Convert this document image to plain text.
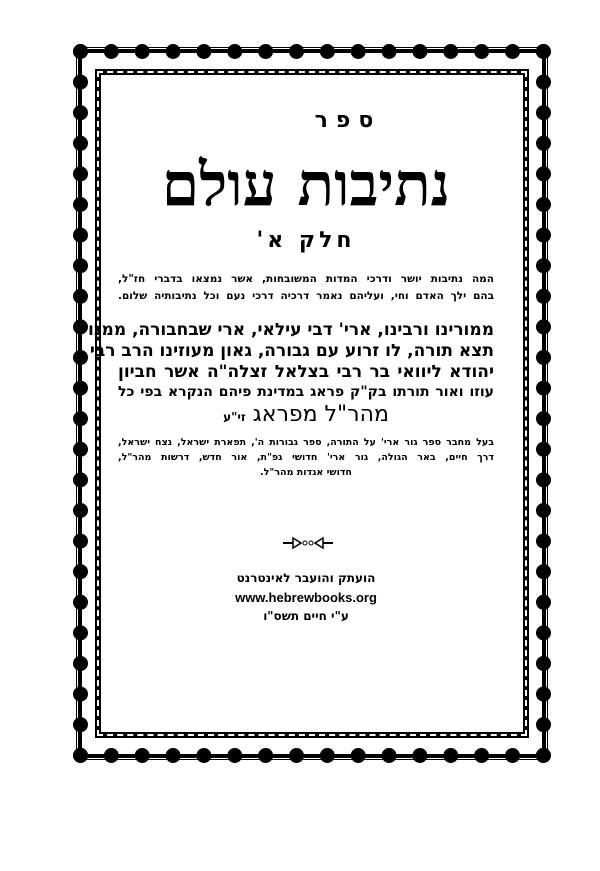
ספר
נתיבות עולם
חלק א'
המה נתיבות יושר ודרכי המדות המשובחות, אשר נמצאו בדברי חז"ל,
בהם ילך האדם וחי, ועליהם נאמר דרכיה דרכי נעם וכל נתיבותיה שלום.
ממורינו ורבינו, ארי' דבי עילאי, ארי שבחבורה, ממנו
תצא תורה, לו זרוע עם גבורה, גאון מעוזינו הרב רבי
יהודא ליוואי בר רבי בצלאל זצלה"ה אשר חביון
עוזו ואור תורתו בק"ק פראג במדינת פיהם הנקרא בפי כל
מהר"ל מפראג זי"ע
בעל מחבר ספר גור ארי' על התורה, ספר גבורות ה', תפארת ישראל, נצח ישראל,
דרך חיים, באר הגולה, גור ארי' חדושי גפ"ת, אור חדש, דרשות מהר"ל,
חדושי אגדות מהר"ל.
הועתק והועבר לאינטרנט
www.hebrewbooks.org
ע"י חיים תשס"ו
